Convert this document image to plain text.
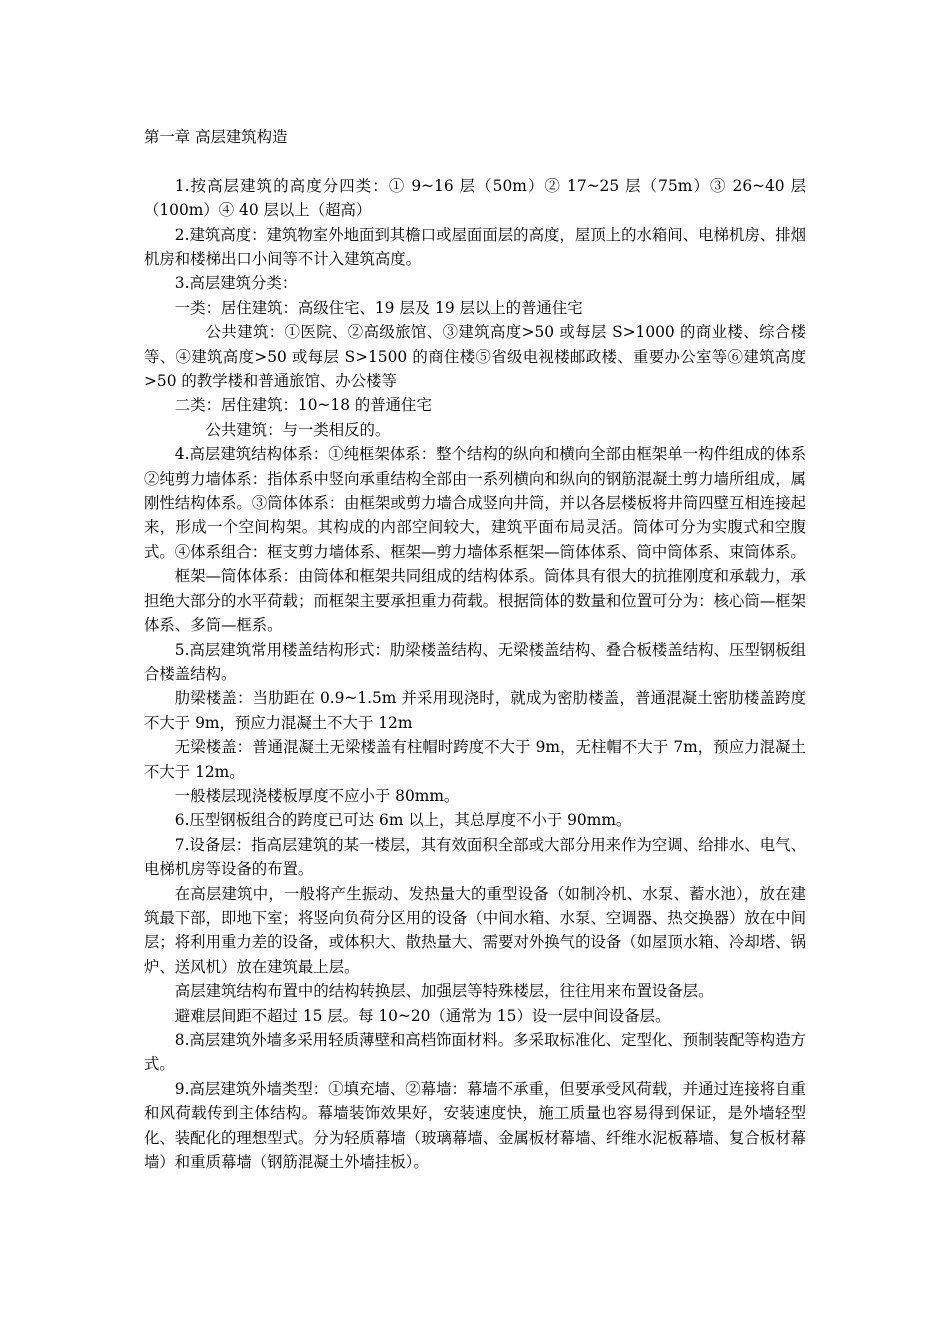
第一章 高层建筑构造

1.按高层建筑的高度分四类：① 9~16 层（50m）② 17~25 层（75m）③ 26~40 层（100m）④ 40 层以上（超高）

2.建筑高度：建筑物室外地面到其檐口或屋面面层的高度，屋顶上的水箱间、电梯机房、排烟机房和楼梯出口小间等不计入建筑高度。

3.高层建筑分类：

一类：居住建筑：高级住宅、19 层及 19 层以上的普通住宅

公共建筑：①医院、②高级旅馆、③建筑高度>50 或每层 S>1000 的商业楼、综合楼等、④建筑高度>50 或每层 S>1500 的商住楼⑤省级电视楼邮政楼、重要办公室等⑥建筑高度>50 的教学楼和普通旅馆、办公楼等

二类：居住建筑：10~18 的普通住宅

公共建筑：与一类相反的。

4.高层建筑结构体系：①纯框架体系：整个结构的纵向和横向全部由框架单一构件组成的体系②纯剪力墙体系：指体系中竖向承重结构全部由一系列横向和纵向的钢筋混凝土剪力墙所组成，属刚性结构体系。③筒体体系：由框架或剪力墙合成竖向井筒，并以各层楼板将井筒四壁互相连接起来，形成一个空间构架。其构成的内部空间较大，建筑平面布局灵活。筒体可分为实腹式和空腹式。④体系组合：框支剪力墙体系、框架—剪力墙体系框架—筒体体系、筒中筒体系、束筒体系。

框架—筒体体系：由筒体和框架共同组成的结构体系。筒体具有很大的抗推刚度和承载力，承担绝大部分的水平荷载；而框架主要承担重力荷载。根据筒体的数量和位置可分为：核心筒—框架体系、多筒—框系。

5.高层建筑常用楼盖结构形式：肋梁楼盖结构、无梁楼盖结构、叠合板楼盖结构、压型钢板组合楼盖结构。

肋梁楼盖：当肋距在 0.9~1.5m 并采用现浇时，就成为密肋楼盖，普通混凝土密肋楼盖跨度不大于 9m，预应力混凝土不大于 12m

无梁楼盖：普通混凝土无梁楼盖有柱帽时跨度不大于 9m，无柱帽不大于 7m，预应力混凝土不大于 12m。

一般楼层现浇楼板厚度不应小于 80mm。

6.压型钢板组合的跨度已可达 6m 以上，其总厚度不小于 90mm。

7.设备层：指高层建筑的某一楼层，其有效面积全部或大部分用来作为空调、给排水、电气、电梯机房等设备的布置。

在高层建筑中，一般将产生振动、发热量大的重型设备（如制冷机、水泵、蓄水池），放在建筑最下部，即地下室；将竖向负荷分区用的设备（中间水箱、水泵、空调器、热交换器）放在中间层；将利用重力差的设备，或体积大、散热量大、需要对外换气的设备（如屋顶水箱、冷却塔、锅炉、送风机）放在建筑最上层。

高层建筑结构布置中的结构转换层、加强层等特殊楼层，往往用来布置设备层。

避难层间距不超过 15 层。每 10~20（通常为 15）设一层中间设备层。

8.高层建筑外墙多采用轻质薄壁和高档饰面材料。多采取标准化、定型化、预制装配等构造方式。

9.高层建筑外墙类型：①填充墙、②幕墙：幕墙不承重，但要承受风荷载，并通过连接将自重和风荷载传到主体结构。幕墙装饰效果好，安装速度快，施工质量也容易得到保证，是外墙轻型化、装配化的理想型式。分为轻质幕墙（玻璃幕墙、金属板材幕墙、纤维水泥板幕墙、复合板材幕墙）和重质幕墙（钢筋混凝土外墙挂板）。
